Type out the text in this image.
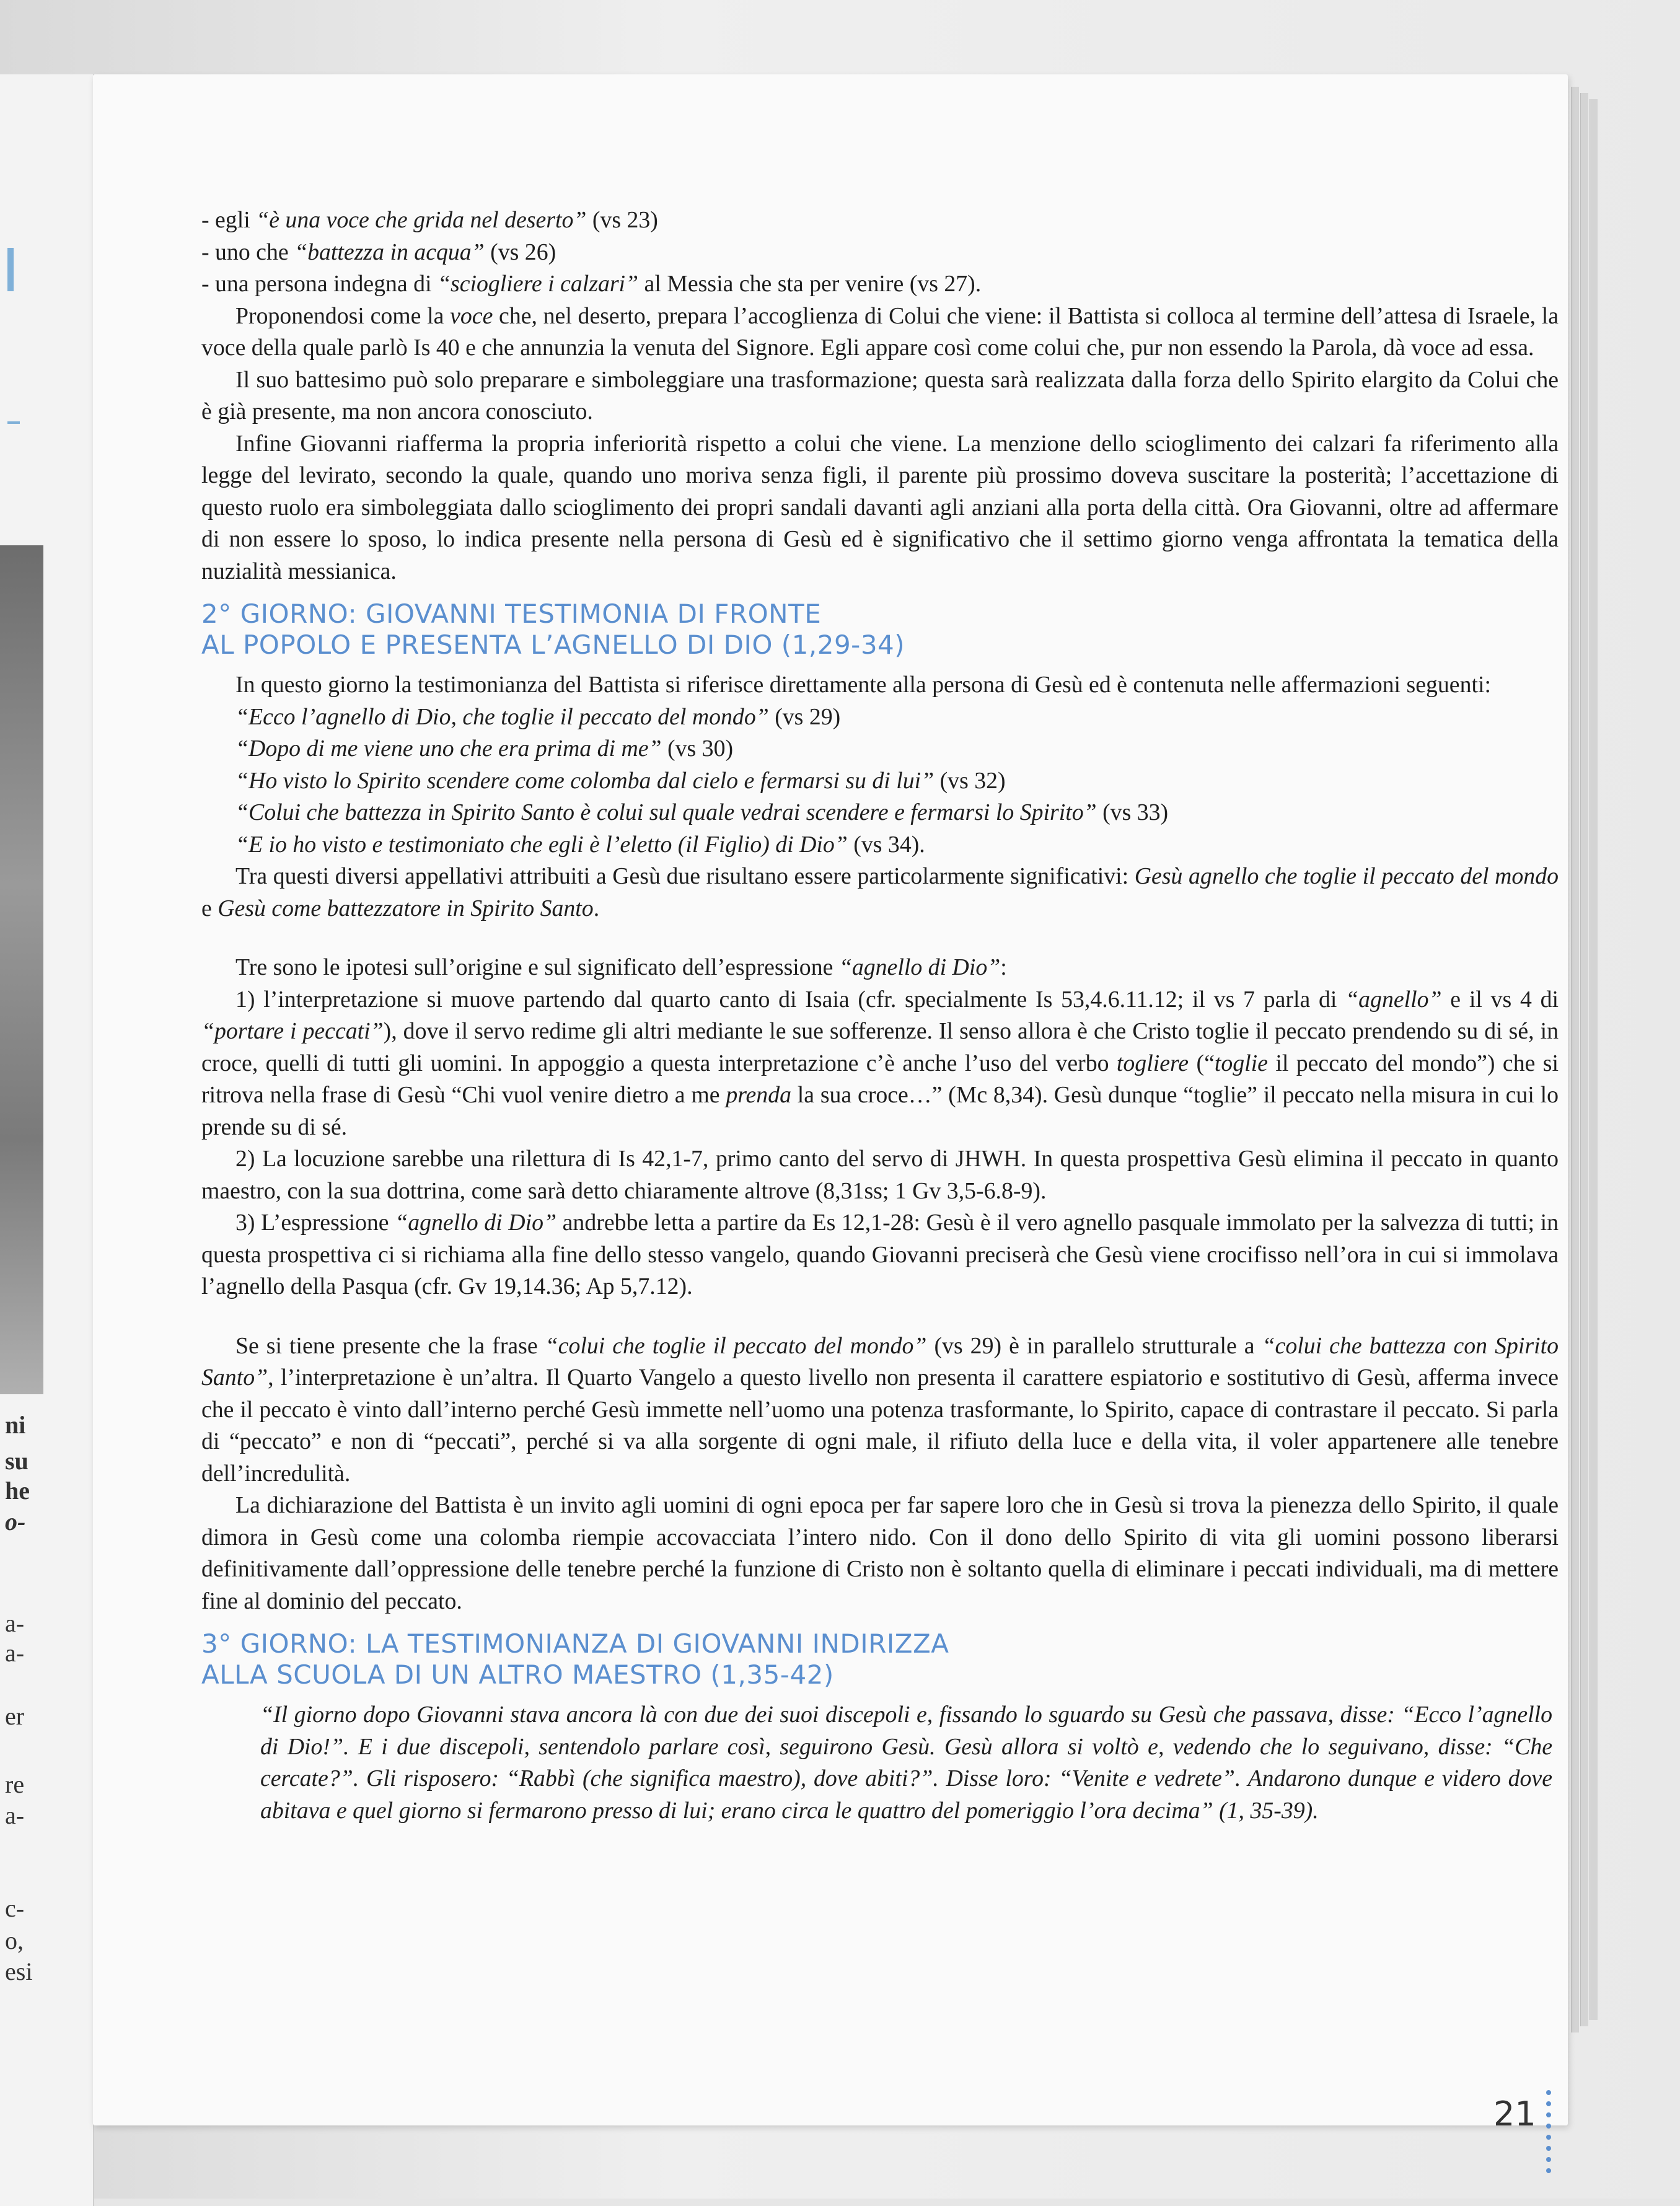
ni
su
he
o-
a-
a-
er
re
a-
c-
o,
esi

- egli “è una voce che grida nel deserto” (vs 23)

- uno che “battezza in acqua” (vs 26)

- una persona indegna di “sciogliere i calzari” al Messia che sta per venire (vs 27).

Proponendosi come la voce che, nel deserto, prepara l’accoglienza di Colui che viene: il Battista si colloca al termine dell’attesa di Israele, la voce della quale parlò Is 40 e che annunzia la venuta del Signore. Egli appare così come colui che, pur non essendo la Parola, dà voce ad essa.

Il suo battesimo può solo preparare e simboleggiare una trasformazione; questa sarà realizzata dalla forza dello Spirito elargito da Colui che è già presente, ma non ancora conosciuto.

Infine Giovanni riafferma la propria inferiorità rispetto a colui che viene. La menzione dello scioglimento dei calzari fa riferimento alla legge del levirato, secondo la quale, quando uno moriva senza figli, il parente più prossimo doveva suscitare la posterità; l’accettazione di questo ruolo era simboleggiata dallo scioglimento dei propri sandali davanti agli anziani alla porta della città. Ora Giovanni, oltre ad affermare di non essere lo sposo, lo indica presente nella persona di Gesù ed è significativo che il settimo giorno venga affrontata la tematica della nuzialità messianica.

2° GIORNO: GIOVANNI TESTIMONIA DI FRONTE
AL POPOLO E PRESENTA L’AGNELLO DI DIO (1,29-34)

In questo giorno la testimonianza del Battista si riferisce direttamente alla persona di Gesù ed è contenuta nelle affermazioni seguenti:

“Ecco l’agnello di Dio, che toglie il peccato del mondo” (vs 29)

“Dopo di me viene uno che era prima di me” (vs 30)

“Ho visto lo Spirito scendere come colomba dal cielo e fermarsi su di lui” (vs 32)

“Colui che battezza in Spirito Santo è colui sul quale vedrai scendere e fermarsi lo Spirito” (vs 33)

“E io ho visto e testimoniato che egli è l’eletto (il Figlio) di Dio” (vs 34).

Tra questi diversi appellativi attribuiti a Gesù due risultano essere particolarmente significativi: Gesù agnello che toglie il peccato del mondo e Gesù come battezzatore in Spirito Santo.

Tre sono le ipotesi sull’origine e sul significato dell’espressione “agnello di Dio”:

1) l’interpretazione si muove partendo dal quarto canto di Isaia (cfr. specialmente Is 53,4.6.11.12; il vs 7 parla di “agnello” e il vs 4 di “portare i peccati”), dove il servo redime gli altri mediante le sue sofferenze. Il senso allora è che Cristo toglie il peccato prendendo su di sé, in croce, quelli di tutti gli uomini. In appoggio a questa interpretazione c’è anche l’uso del verbo togliere (“toglie il peccato del mondo”) che si ritrova nella frase di Gesù “Chi vuol venire dietro a me prenda la sua croce…” (Mc 8,34). Gesù dunque “toglie” il peccato nella misura in cui lo prende su di sé.

2) La locuzione sarebbe una rilettura di Is 42,1-7, primo canto del servo di JHWH. In questa prospettiva Gesù elimina il peccato in quanto maestro, con la sua dottrina, come sarà detto chiaramente altrove (8,31ss; 1 Gv 3,5-6.8-9).

3) L’espressione “agnello di Dio” andrebbe letta a partire da Es 12,1-28: Gesù è il vero agnello pasquale immolato per la salvezza di tutti; in questa prospettiva ci si richiama alla fine dello stesso vangelo, quando Giovanni preciserà che Gesù viene crocifisso nell’ora in cui si immolava l’agnello della Pasqua (cfr. Gv 19,14.36; Ap 5,7.12).

Se si tiene presente che la frase “colui che toglie il peccato del mondo” (vs 29) è in parallelo strutturale a “colui che battezza con Spirito Santo”, l’interpretazione è un’altra. Il Quarto Vangelo a questo livello non presenta il carattere espiatorio e sostitutivo di Gesù, afferma invece che il peccato è vinto dall’interno perché Gesù immette nell’uomo una potenza trasformante, lo Spirito, capace di contrastare il peccato. Si parla di “peccato” e non di “peccati”, perché si va alla sorgente di ogni male, il rifiuto della luce e della vita, il voler appartenere alle tenebre dell’incredulità.

La dichiarazione del Battista è un invito agli uomini di ogni epoca per far sapere loro che in Gesù si trova la pienezza dello Spirito, il quale dimora in Gesù come una colomba riempie accovacciata l’intero nido. Con il dono dello Spirito di vita gli uomini possono liberarsi definitivamente dall’oppressione delle tenebre perché la funzione di Cristo non è soltanto quella di eliminare i peccati individuali, ma di mettere fine al dominio del peccato.

3° GIORNO: LA TESTIMONIANZA DI GIOVANNI INDIRIZZA
ALLA SCUOLA DI UN ALTRO MAESTRO (1,35-42)

“Il giorno dopo Giovanni stava ancora là con due dei suoi discepoli e, fissando lo sguardo su Gesù che passava, disse: “Ecco l’agnello di Dio!”. E i due discepoli, sentendolo parlare così, seguirono Gesù. Gesù allora si voltò e, vedendo che lo seguivano, disse: “Che cercate?”. Gli risposero: “Rabbì (che significa maestro), dove abiti?”. Disse loro: “Venite e vedrete”. Andarono dunque e videro dove abitava e quel giorno si fermarono presso di lui; erano circa le quattro del pomeriggio l’ora decima” (1, 35-39).

21
